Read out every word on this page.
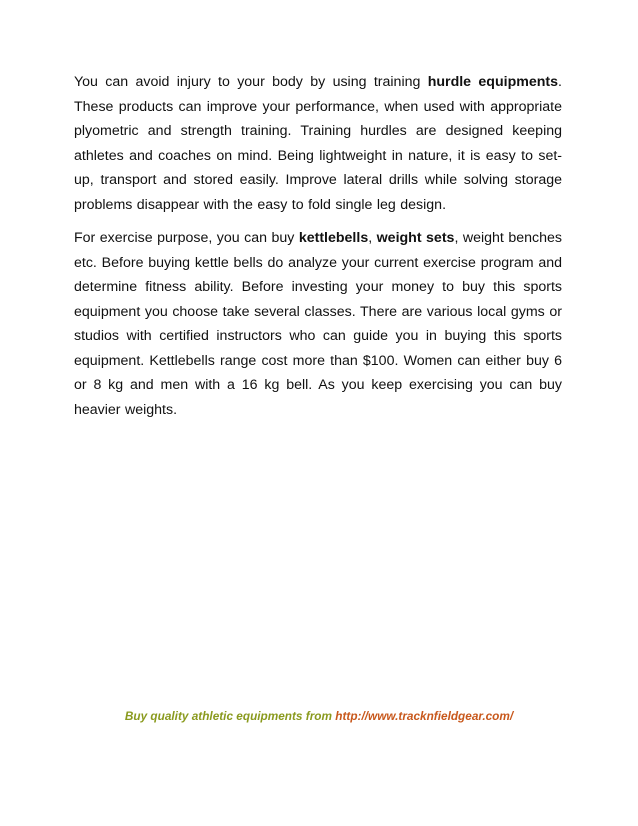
You can avoid injury to your body by using training hurdle equipments. These products can improve your performance, when used with appropriate plyometric and strength training. Training hurdles are designed keeping athletes and coaches on mind. Being lightweight in nature, it is easy to set-up, transport and stored easily. Improve lateral drills while solving storage problems disappear with the easy to fold single leg design.

For exercise purpose, you can buy kettlebells, weight sets, weight benches etc. Before buying kettle bells do analyze your current exercise program and determine fitness ability. Before investing your money to buy this sports equipment you choose take several classes. There are various local gyms or studios with certified instructors who can guide you in buying this sports equipment. Kettlebells range cost more than $100. Women can either buy 6 or 8 kg and men with a 16 kg bell. As you keep exercising you can buy heavier weights.

Buy quality athletic equipments from http://www.tracknfieldgear.com/
